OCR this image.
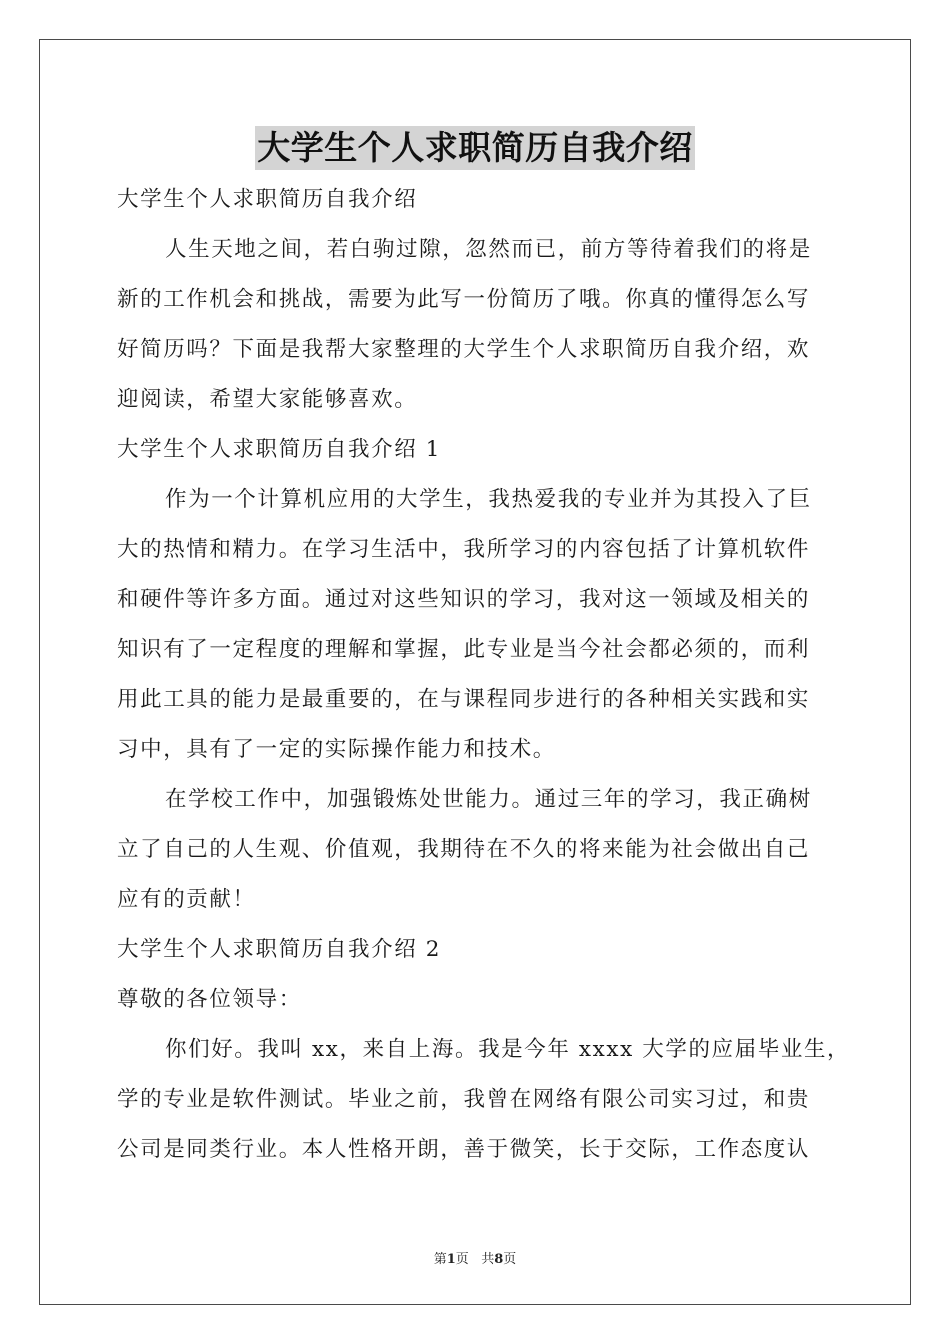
大学生个人求职简历自我介绍
大学生个人求职简历自我介绍
人生天地之间，若白驹过隙，忽然而已，前方等待着我们的将是
新的工作机会和挑战，需要为此写一份简历了哦。你真的懂得怎么写
好简历吗？下面是我帮大家整理的大学生个人求职简历自我介绍，欢
迎阅读，希望大家能够喜欢。
大学生个人求职简历自我介绍 1
作为一个计算机应用的大学生，我热爱我的专业并为其投入了巨
大的热情和精力。在学习生活中，我所学习的内容包括了计算机软件
和硬件等许多方面。通过对这些知识的学习，我对这一领域及相关的
知识有了一定程度的理解和掌握，此专业是当今社会都必须的，而利
用此工具的能力是最重要的，在与课程同步进行的各种相关实践和实
习中，具有了一定的实际操作能力和技术。
在学校工作中，加强锻炼处世能力。通过三年的学习，我正确树
立了自己的人生观、价值观，我期待在不久的将来能为社会做出自己
应有的贡献！
大学生个人求职简历自我介绍 2
尊敬的各位领导：
你们好。我叫 xx，来自上海。我是今年 xxxx 大学的应届毕业生，
学的专业是软件测试。毕业之前，我曾在网络有限公司实习过，和贵
公司是同类行业。本人性格开朗，善于微笑，长于交际，工作态度认
第1页 共8页
